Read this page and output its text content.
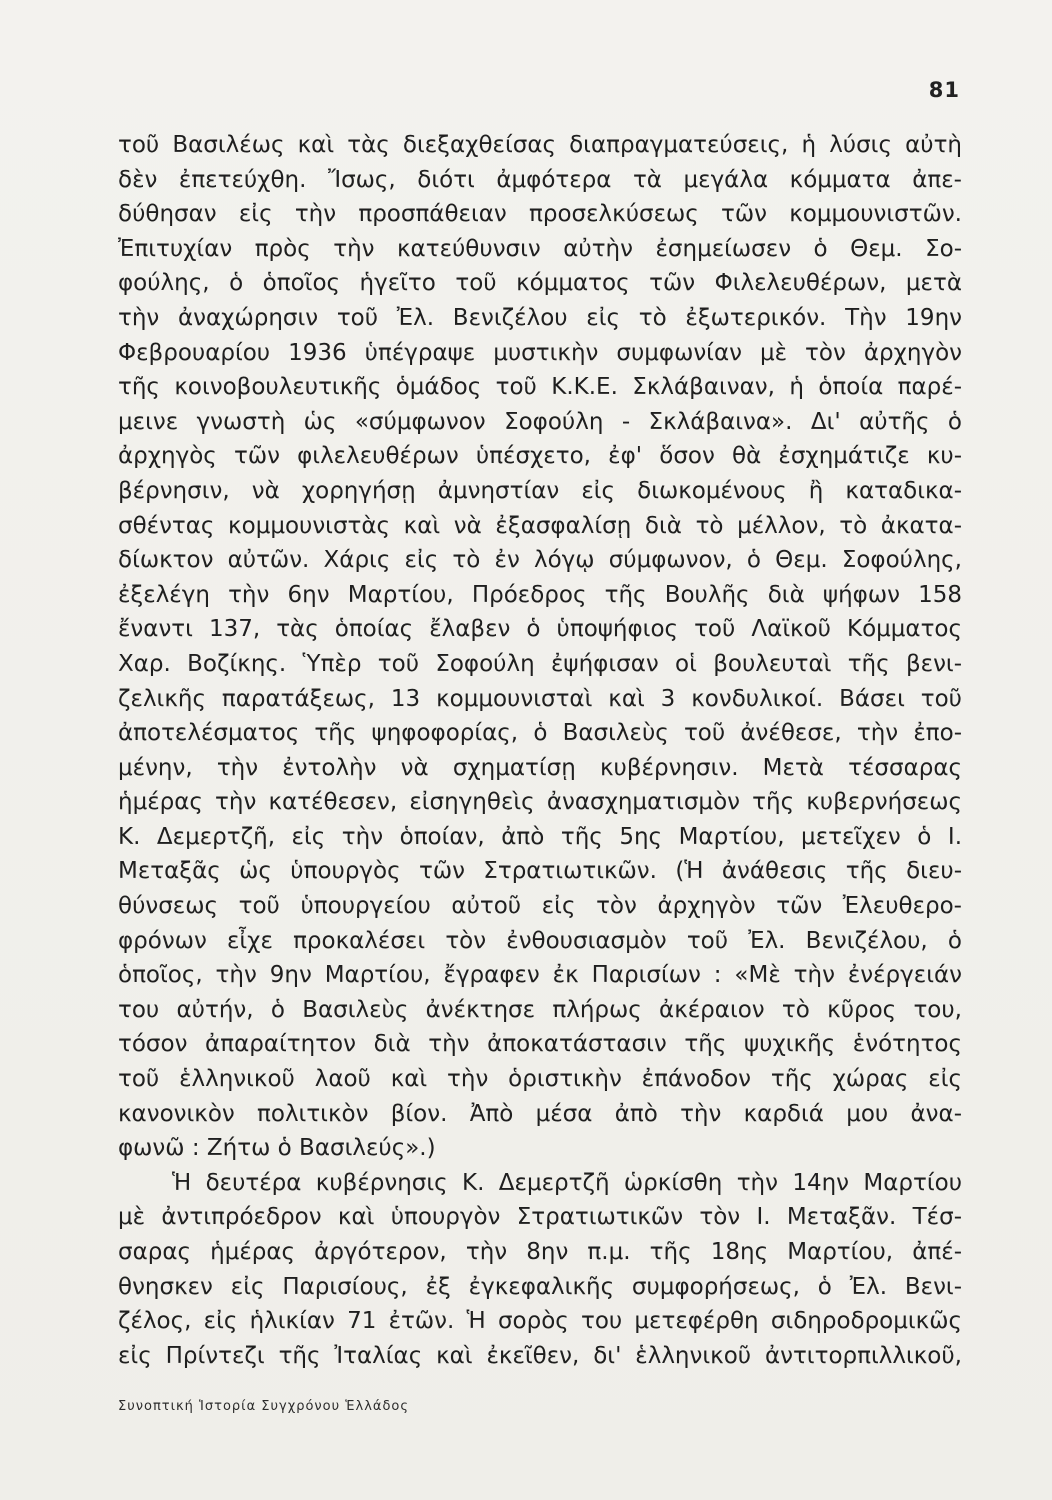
81
τοῦ Βασιλέως καὶ τὰς διεξαχθείσας διαπραγματεύσεις, ἡ λύσις αὐτὴ
δὲν ἐπετεύχθη. Ἴσως, διότι ἀμφότερα τὰ μεγάλα κόμματα ἀπε-
δύθησαν εἰς τὴν προσπάθειαν προσελκύσεως τῶν κομμουνιστῶν.
Ἐπιτυχίαν πρὸς τὴν κατεύθυνσιν αὐτὴν ἐσημείωσεν ὁ Θεμ. Σο-
φούλης, ὁ ὁποῖος ἡγεῖτο τοῦ κόμματος τῶν Φιλελευθέρων, μετὰ
τὴν ἀναχώρησιν τοῦ Ἐλ. Βενιζέλου εἰς τὸ ἐξωτερικόν. Τὴν 19ην
Φεβρουαρίου 1936 ὑπέγραψε μυστικὴν συμφωνίαν μὲ τὸν ἀρχηγὸν
τῆς κοινοβουλευτικῆς ὁμάδος τοῦ Κ.Κ.Ε. Σκλάβαιναν, ἡ ὁποία παρέ-
μεινε γνωστὴ ὡς «σύμφωνον Σοφούλη - Σκλάβαινα». Δι' αὐτῆς ὁ
ἀρχηγὸς τῶν φιλελευθέρων ὑπέσχετο, ἐφ' ὅσον θὰ ἐσχημάτιζε κυ-
βέρνησιν, νὰ χορηγήσῃ ἀμνηστίαν εἰς διωκομένους ἢ καταδικα-
σθέντας κομμουνιστὰς καὶ νὰ ἐξασφαλίσῃ διὰ τὸ μέλλον, τὸ ἀκατα-
δίωκτον αὐτῶν. Χάρις εἰς τὸ ἐν λόγῳ σύμφωνον, ὁ Θεμ. Σοφούλης,
ἐξελέγη τὴν 6ην Μαρτίου, Πρόεδρος τῆς Βουλῆς διὰ ψήφων 158
ἔναντι 137, τὰς ὁποίας ἔλαβεν ὁ ὑποψήφιος τοῦ Λαϊκοῦ Κόμματος
Χαρ. Βοζίκης. Ὑπὲρ τοῦ Σοφούλη ἐψήφισαν οἱ βουλευταὶ τῆς βενι-
ζελικῆς παρατάξεως, 13 κομμουνισταὶ καὶ 3 κονδυλικοί. Βάσει τοῦ
ἀποτελέσματος τῆς ψηφοφορίας, ὁ Βασιλεὺς τοῦ ἀνέθεσε, τὴν ἐπο-
μένην, τὴν ἐντολὴν νὰ σχηματίσῃ κυβέρνησιν. Μετὰ τέσσαρας
ἡμέρας τὴν κατέθεσεν, εἰσηγηθεὶς ἀνασχηματισμὸν τῆς κυβερνήσεως
Κ. Δεμερτζῆ, εἰς τὴν ὁποίαν, ἀπὸ τῆς 5ης Μαρτίου, μετεῖχεν ὁ Ι.
Μεταξᾶς ὡς ὑπουργὸς τῶν Στρατιωτικῶν. (Ἡ ἀνάθεσις τῆς διευ-
θύνσεως τοῦ ὑπουργείου αὐτοῦ εἰς τὸν ἀρχηγὸν τῶν Ἐλευθερο-
φρόνων εἶχε προκαλέσει τὸν ἐνθουσιασμὸν τοῦ Ἐλ. Βενιζέλου, ὁ
ὁποῖος, τὴν 9ην Μαρτίου, ἔγραφεν ἐκ Παρισίων : «Μὲ τὴν ἐνέργειάν
του αὐτήν, ὁ Βασιλεὺς ἀνέκτησε πλήρως ἀκέραιον τὸ κῦρος του,
τόσον ἀπαραίτητον διὰ τὴν ἀποκατάστασιν τῆς ψυχικῆς ἑνότητος
τοῦ ἑλληνικοῦ λαοῦ καὶ τὴν ὁριστικὴν ἐπάνοδον τῆς χώρας εἰς
κανονικὸν πολιτικὸν βίον. Ἀπὸ μέσα ἀπὸ τὴν καρδιά μου ἀνα-
φωνῶ : Ζήτω ὁ Βασιλεύς».)
Ἡ δευτέρα κυβέρνησις Κ. Δεμερτζῆ ὡρκίσθη τὴν 14ην Μαρτίου
μὲ ἀντιπρόεδρον καὶ ὑπουργὸν Στρατιωτικῶν τὸν Ι. Μεταξᾶν. Τέσ-
σαρας ἡμέρας ἀργότερον, τὴν 8ην π.μ. τῆς 18ης Μαρτίου, ἀπέ-
θνησκεν εἰς Παρισίους, ἐξ ἐγκεφαλικῆς συμφορήσεως, ὁ Ἐλ. Βενι-
ζέλος, εἰς ἡλικίαν 71 ἐτῶν. Ἡ σορὸς του μετεφέρθη σιδηροδρομικῶς
εἰς Πρίντεζι τῆς Ἰταλίας καὶ ἐκεῖθεν, δι' ἑλληνικοῦ ἀντιτορπιλλικοῦ,
Συνοπτική Ἱστορία Συγχρόνου Ἑλλάδος
